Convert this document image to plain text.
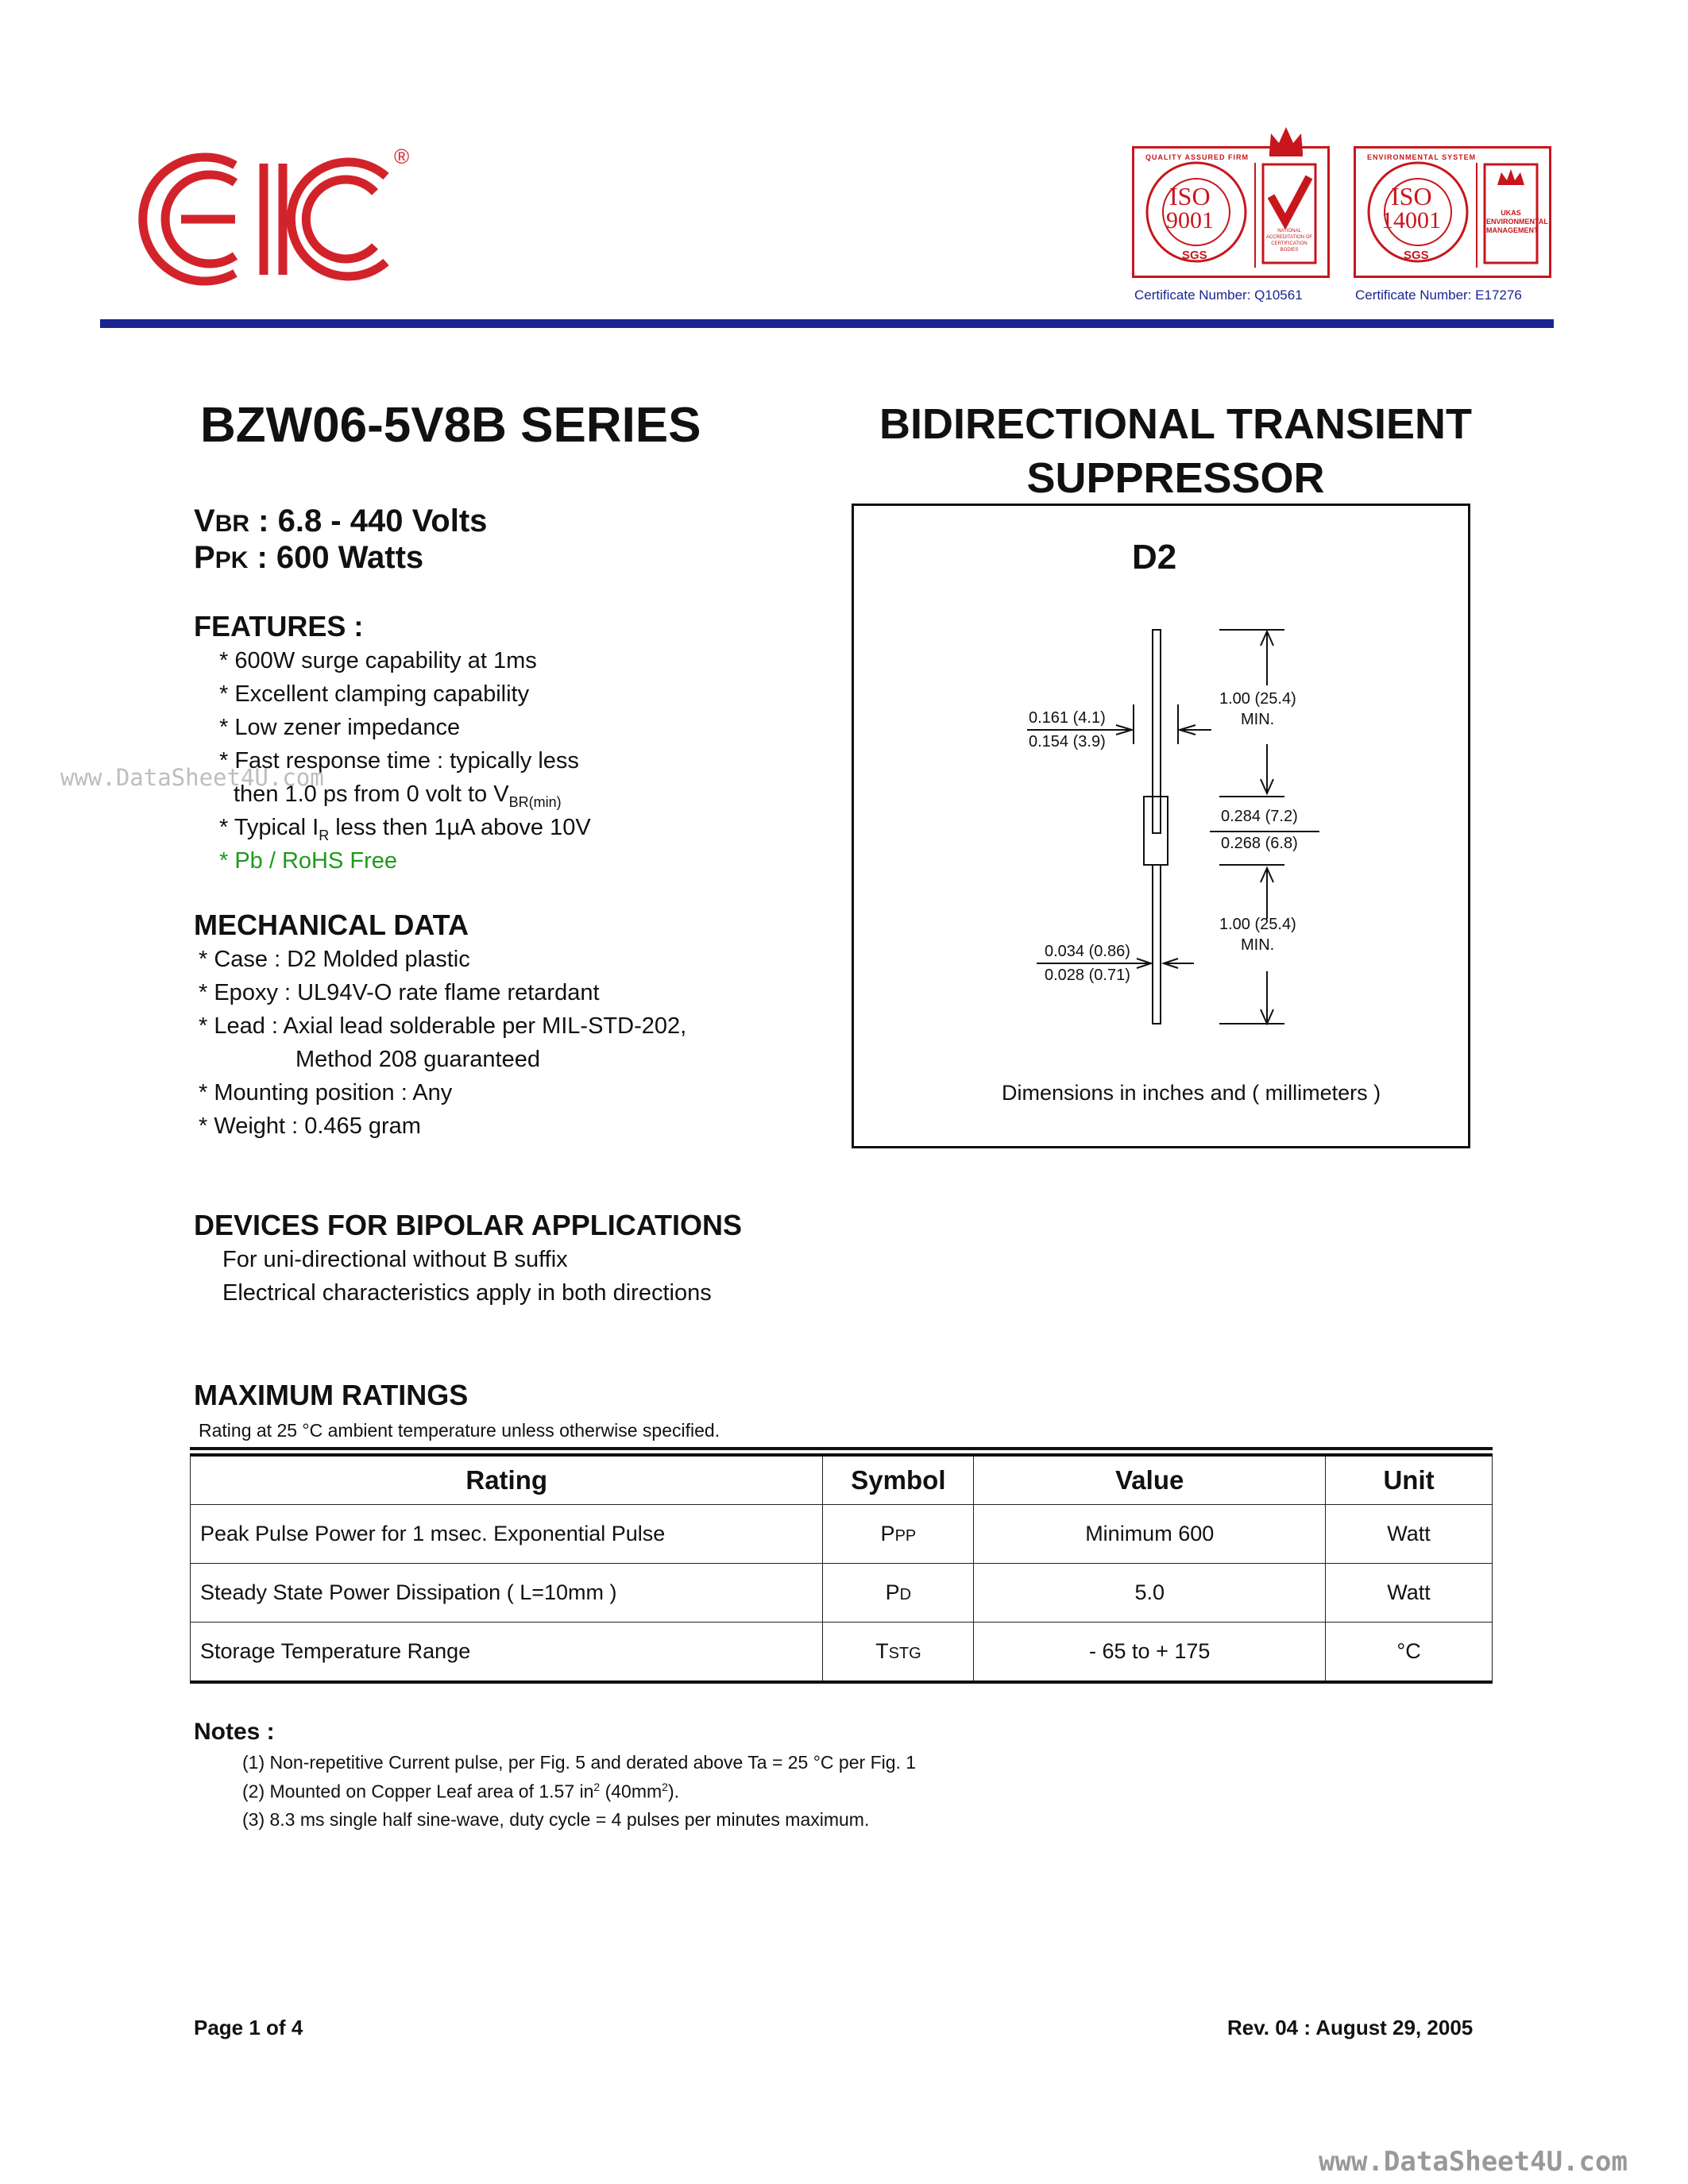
®
ISO
9001
QUALITY ASSURED FIRM
SGS
NATIONAL ACCREDITATION OF CERTIFICATION BODIES
Certificate Number: Q10561
ISO
14001
ENVIRONMENTAL SYSTEM
SGS
UKAS ENVIRONMENTAL MANAGEMENT
Certificate Number: E17276
BZW06-5V8B SERIES	BIDIRECTIONAL TRANSIENT
SUPPRESSOR
VBR : 6.8 - 440 Volts
PPK : 600 Watts
FEATURES :
* 600W surge capability at 1ms
* Excellent clamping capability
* Low zener impedance
* Fast response time : typically less
then 1.0 ps from 0 volt to $V_{BR(min)}$
* Typical $I_R$ less then 1µA above 10V
* Pb / RoHS Free
MECHANICAL DATA
* Case : D2 Molded plastic
* Epoxy : UL94V-O rate flame retardant
* Lead : Axial lead solderable per MIL-STD-202,
Method 208 guaranteed
* Mounting position : Any
* Weight : 0.465 gram
DEVICES FOR BIPOLAR APPLICATIONS
For uni-directional without B suffix
Electrical characteristics apply in both directions
D2
1.00 (25.4)
MIN.
0.161 (4.1)
0.154 (3.9)
0.284 (7.2)
0.268 (6.8)
1.00 (25.4)
MIN.
0.034 (0.86)
0.028 (0.71)
Dimensions in inches and ( millimeters )
MAXIMUM RATINGS
Rating at 25 °C ambient temperature unless otherwise specified.
Rating	Symbol	Value	Unit
Peak Pulse Power for 1 msec. Exponential Pulse	PPP	Minimum 600	Watt
Steady State Power Dissipation ( L=10mm )	PD	5.0	Watt
Storage Temperature Range	TSTG	- 65 to + 175	°C
Notes :
(1) Non-repetitive Current pulse, per Fig. 5 and derated above Ta = 25 °C per Fig. 1
(2) Mounted on Copper Leaf area of 1.57 $in^2$ $(40mm^2)$.
(3) 8.3 ms single half sine-wave, duty cycle = 4 pulses per minutes maximum.
Page 1 of 4	Rev. 04 : August 29, 2005
www.DataSheet4U.com
www.DataSheet4U.com
